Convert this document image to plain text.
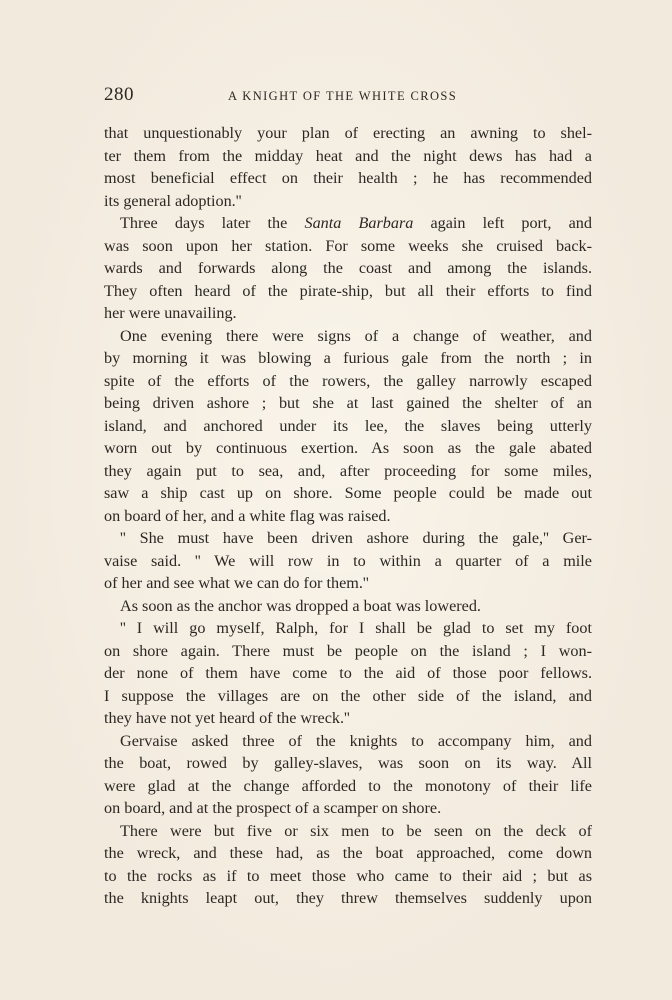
280	A KNIGHT OF THE WHITE CROSS
that unquestionably your plan of erecting an awning to shel-
ter them from the midday heat and the night dews has had a
most beneficial effect on their health ; he has recommended
its general adoption.''
Three days later the Santa Barbara again left port, and
was soon upon her station. For some weeks she cruised back-
wards and forwards along the coast and among the islands.
They often heard of the pirate-ship, but all their efforts to find
her were unavailing.
One evening there were signs of a change of weather, and
by morning it was blowing a furious gale from the north ; in
spite of the efforts of the rowers, the galley narrowly escaped
being driven ashore ; but she at last gained the shelter of an
island, and anchored under its lee, the slaves being utterly
worn out by continuous exertion. As soon as the gale abated
they again put to sea, and, after proceeding for some miles,
saw a ship cast up on shore. Some people could be made out
on board of her, and a white flag was raised.
'' She must have been driven ashore during the gale,'' Ger-
vaise said. '' We will row in to within a quarter of a mile
of her and see what we can do for them.''
As soon as the anchor was dropped a boat was lowered.
'' I will go myself, Ralph, for I shall be glad to set my foot
on shore again. There must be people on the island ; I won-
der none of them have come to the aid of those poor fellows.
I suppose the villages are on the other side of the island, and
they have not yet heard of the wreck.''
Gervaise asked three of the knights to accompany him, and
the boat, rowed by galley-slaves, was soon on its way. All
were glad at the change afforded to the monotony of their life
on board, and at the prospect of a scamper on shore.
There were but five or six men to be seen on the deck of
the wreck, and these had, as the boat approached, come down
to the rocks as if to meet those who came to their aid ; but as
the knights leapt out, they threw themselves suddenly upon
